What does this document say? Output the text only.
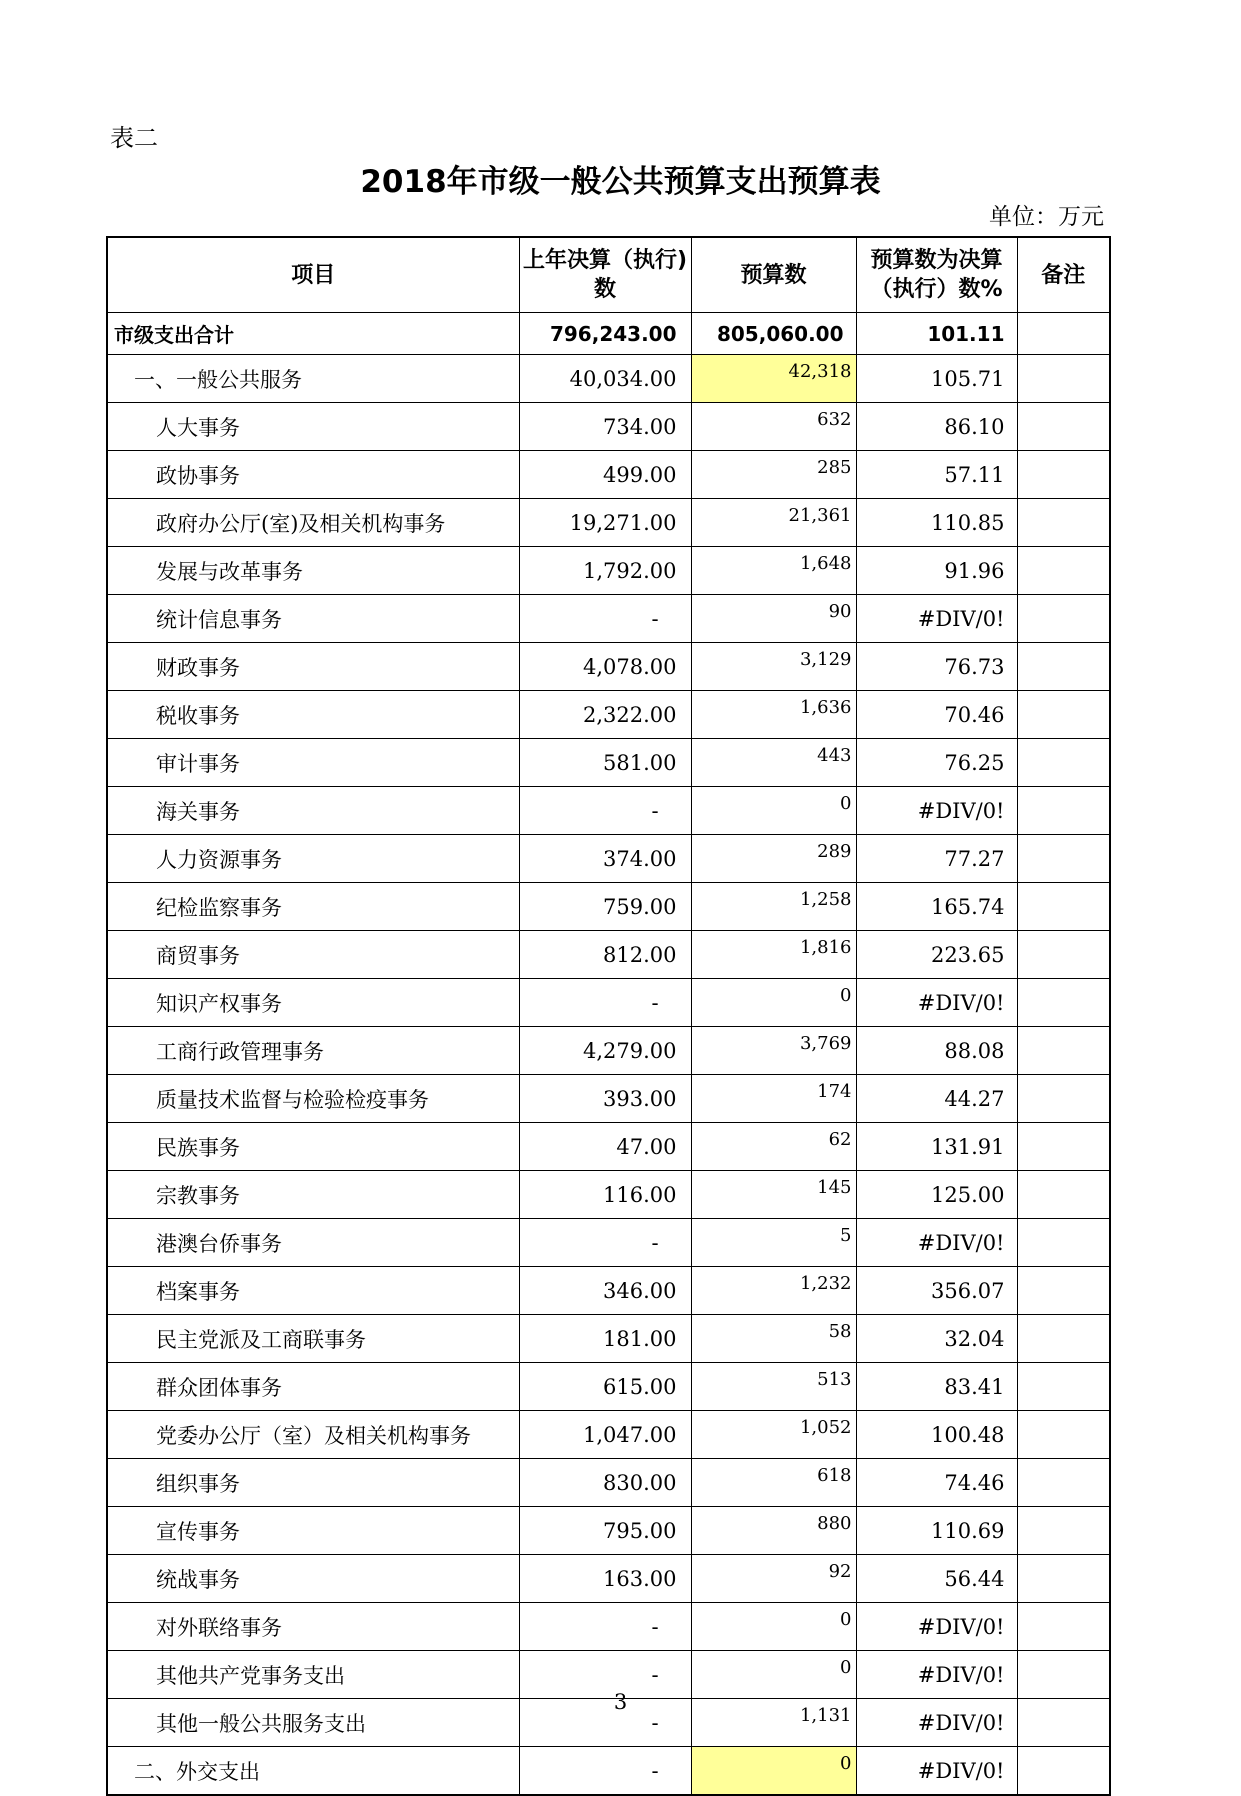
表二
2018年市级一般公共预算支出预算表
单位：万元
项目	上年决算（执行)数	预算数	预算数为决算（执行）数%	备注
市级支出合计	796,243.00	805,060.00	101.11	
一、一般公共服务	40,034.00	42,318	105.71	
人大事务	734.00	632	86.10	
政协事务	499.00	285	57.11	
政府办公厅(室)及相关机构事务	19,271.00	21,361	110.85	
发展与改革事务	1,792.00	1,648	91.96	
统计信息事务	-	90	#DIV/0!	
财政事务	4,078.00	3,129	76.73	
税收事务	2,322.00	1,636	70.46	
审计事务	581.00	443	76.25	
海关事务	-	0	#DIV/0!	
人力资源事务	374.00	289	77.27	
纪检监察事务	759.00	1,258	165.74	
商贸事务	812.00	1,816	223.65	
知识产权事务	-	0	#DIV/0!	
工商行政管理事务	4,279.00	3,769	88.08	
质量技术监督与检验检疫事务	393.00	174	44.27	
民族事务	47.00	62	131.91	
宗教事务	116.00	145	125.00	
港澳台侨事务	-	5	#DIV/0!	
档案事务	346.00	1,232	356.07	
民主党派及工商联事务	181.00	58	32.04	
群众团体事务	615.00	513	83.41	
党委办公厅（室）及相关机构事务	1,047.00	1,052	100.48	
组织事务	830.00	618	74.46	
宣传事务	795.00	880	110.69	
统战事务	163.00	92	56.44	
对外联络事务	-	0	#DIV/0!	
其他共产党事务支出	-	0	#DIV/0!	
其他一般公共服务支出	-	1,131	#DIV/0!	
二、外交支出	-	0	#DIV/0!	
3
